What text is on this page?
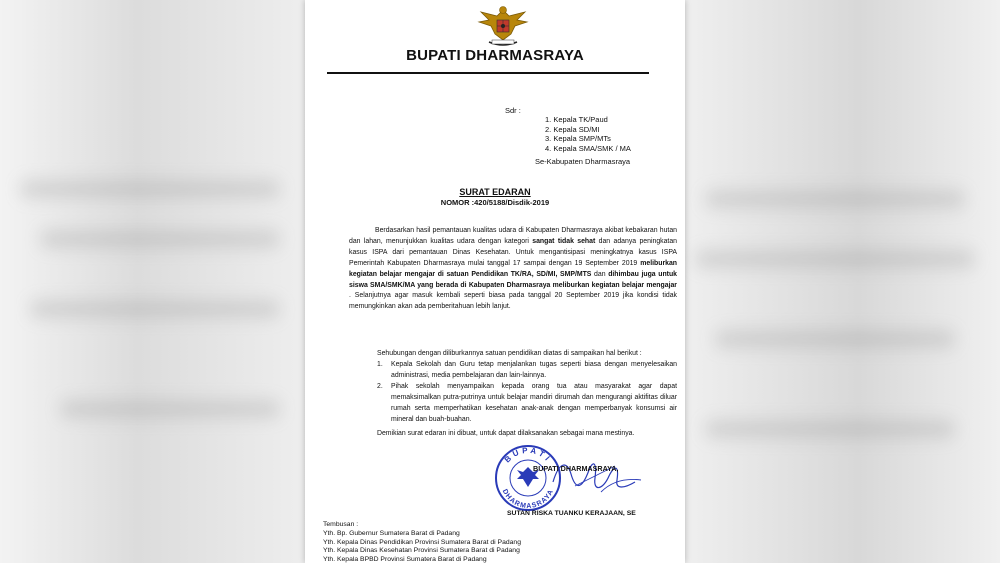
BUPATI DHARMASRAYA
Sdr :
1. Kepala TK/Paud
2. Kepala SD/MI
3. Kepala SMP/MTs
4. Kepala SMA/SMK / MA
Se-Kabupaten Dharmasraya
SURAT EDARAN
NOMOR :420/5188/Disdik-2019
Berdasarkan hasil pemantauan kualitas udara di Kabupaten Dharmasraya akibat kebakaran hutan dan lahan, menunjukkan kualitas udara dengan kategori sangat tidak sehat dan adanya peningkatan kasus ISPA dari pemantauan Dinas Kesehatan. Untuk mengantisipasi meningkatnya kasus ISPA Pemerintah Kabupaten Dharmasraya mulai tanggal 17 sampai dengan 19 September 2019 meliburkan kegiatan belajar mengajar di satuan Pendidikan TK/RA, SD/MI, SMP/MTS dan dihimbau juga untuk siswa SMA/SMK/MA yang berada di Kabupaten Dharmasraya meliburkan kegiatan belajar mengajar . Selanjutnya agar masuk kembali seperti biasa pada tanggal 20 September 2019 jika kondisi tidak memungkinkan akan ada pemberitahuan lebih lanjut.
Sehubungan dengan diliburkannya satuan pendidikan diatas di sampaikan hal berikut :
1.	Kepala Sekolah dan Guru tetap menjalankan tugas seperti biasa dengan menyelesaikan administrasi, media pembelajaran dan lain-lainnya.
2.	Pihak sekolah menyampaikan kepada orang tua atau masyarakat agar dapat memaksimalkan putra-putrinya untuk belajar mandiri dirumah dan mengurangi aktifitas diluar rumah serta memperhatikan kesehatan anak-anak dengan memperbanyak konsumsi air mineral dan buah-buahan.
Demikian surat edaran ini dibuat, untuk dapat dilaksanakan sebagai mana mestinya.
BUPATI
DHARMASRAYA
BUPATI DHARMASRAYA,
SUTAN RISKA TUANKU KERAJAAN, SE
Tembusan :
Yth. Bp. Gubernur Sumatera Barat di Padang
Yth. Kepala Dinas Pendidikan Provinsi Sumatera Barat di Padang
Yth. Kepala Dinas Kesehatan Provinsi Sumatera Barat di Padang
Yth. Kepala BPBD Provinsi Sumatera Barat di Padang
